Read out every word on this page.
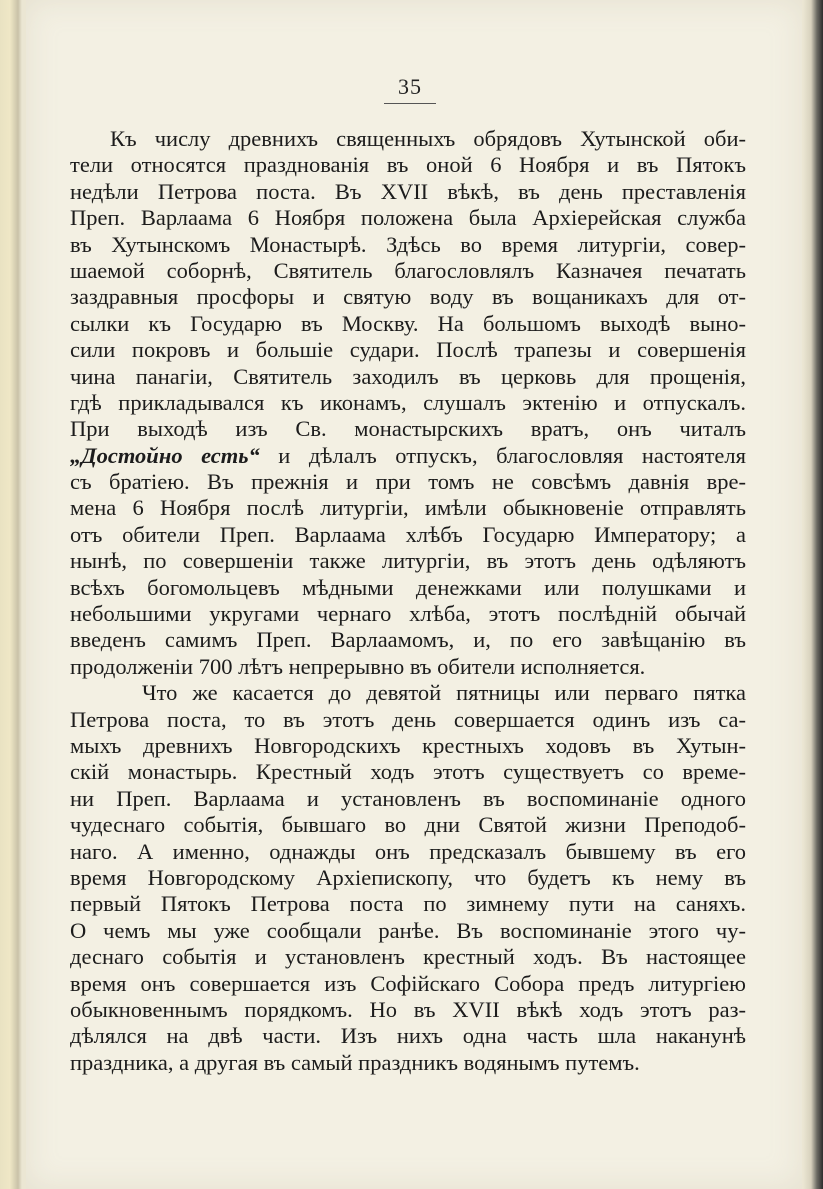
35
Къ числу древнихъ священныхъ обрядовъ Хутынской оби-
тели относятся празднованія въ оной 6 Ноября и въ Пятокъ
недѣли Петрова поста. Въ XVII вѣкѣ, въ день преставленія
Преп. Варлаама 6 Ноября положена была Архіерейская служба
въ Хутынскомъ Монастырѣ. Здѣсь во время литургіи, совер-
шаемой соборнѣ, Святитель благословлялъ Казначея печатать
заздравныя просфоры и святую воду въ вощаникахъ для от-
сылки къ Государю въ Москву. На большомъ выходѣ выно-
сили покровъ и большіе судари. Послѣ трапезы и совершенія
чина панагіи, Святитель заходилъ въ церковь для прощенія,
гдѣ прикладывался къ иконамъ, слушалъ эктенію и отпускалъ.
При выходѣ изъ Св. монастырскихъ вратъ, онъ читалъ
„Достойно есть“ и дѣлалъ отпускъ, благословляя настоятеля
съ братіею. Въ прежнія и при томъ не совсѣмъ давнія вре-
мена 6 Ноября послѣ литургіи, имѣли обыкновеніе отправлять
отъ обители Преп. Варлаама хлѣбъ Государю Императору; а
нынѣ, по совершеніи также литургіи, въ этотъ день одѣляютъ
всѣхъ богомольцевъ мѣдными денежками или полушками и
небольшими укругами чернаго хлѣба, этотъ послѣдній обычай
введенъ самимъ Преп. Варлаамомъ, и, по его завѣщанію въ
продолженіи 700 лѣтъ непрерывно въ обители исполняется.
Что же касается до девятой пятницы или перваго пятка
Петрова поста, то въ этотъ день совершается одинъ изъ са-
мыхъ древнихъ Новгородскихъ крестныхъ ходовъ въ Хутын-
скій монастырь. Крестный ходъ этотъ существуетъ со време-
ни Преп. Варлаама и установленъ въ воспоминаніе одного
чудеснаго событія, бывшаго во дни Святой жизни Преподоб-
наго. А именно, однажды онъ предсказалъ бывшему въ его
время Новгородскому Архіепископу, что будетъ къ нему въ
первый Пятокъ Петрова поста по зимнему пути на саняхъ.
О чемъ мы уже сообщали ранѣе. Въ воспоминаніе этого чу-
деснаго событія и установленъ крестный ходъ. Въ настоящее
время онъ совершается изъ Софійскаго Собора предъ литургіею
обыкновеннымъ порядкомъ. Но въ XVII вѣкѣ ходъ этотъ раз-
дѣлялся на двѣ части. Изъ нихъ одна часть шла наканунѣ
праздника, а другая въ самый праздникъ водянымъ путемъ.
